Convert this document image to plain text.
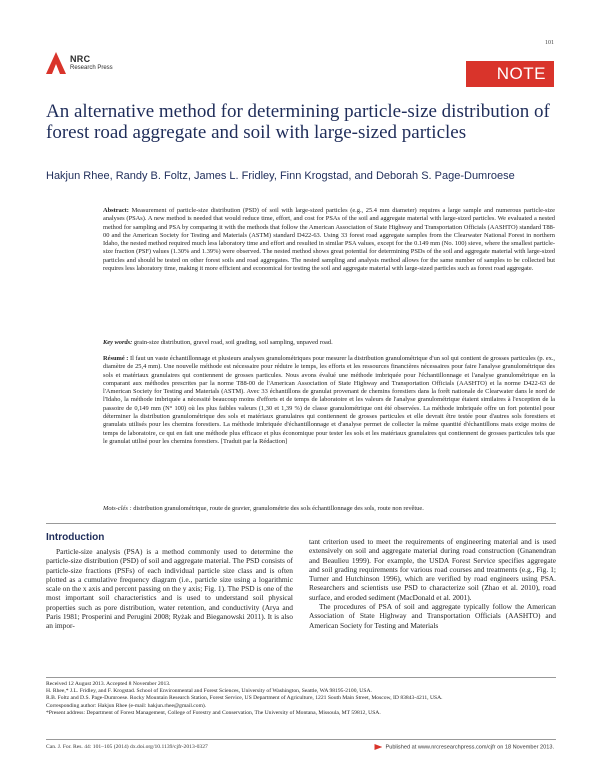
101
NRC
Research Press	NOTE
An alternative method for determining particle-size distribution of forest road aggregate and soil with large-sized particles
Hakjun Rhee, Randy B. Foltz, James L. Fridley, Finn Krogstad, and Deborah S. Page-Dumroese

Abstract: Measurement of particle-size distribution (PSD) of soil with large-sized particles (e.g., 25.4 mm diameter) requires a large sample and numerous particle-size analyses (PSAs). A new method is needed that would reduce time, effort, and cost for PSAs of the soil and aggregate material with large-sized particles. We evaluated a nested method for sampling and PSA by comparing it with the methods that follow the American Association of State Highway and Transportation Officials (AASHTO) standard T88-00 and the American Society for Testing and Materials (ASTM) standard D422-63. Using 33 forest road aggregate samples from the Clearwater National Forest in northern Idaho, the nested method required much less laboratory time and effort and resulted in similar PSA values, except for the 0.149 mm (No. 100) sieve, where the smallest particle-size fraction (PSF) values (1.30% and 1.39%) were observed. The nested method shows great potential for determining PSDs of the soil and aggregate material with large-sized particles and should be tested on other forest soils and road aggregates. The nested sampling and analysis method allows for the same number of samples to be collected but requires less laboratory time, making it more efficient and economical for testing the soil and aggregate material with large-sized particles such as forest road aggregate.

Key words: grain-size distribution, gravel road, soil grading, soil sampling, unpaved road.

Résumé : Il faut un vaste échantillonnage et plusieurs analyses granulométriques pour mesurer la distribution granulométrique d'un sol qui contient de grosses particules (p. ex., diamètre de 25,4 mm). Une nouvelle méthode est nécessaire pour réduire le temps, les efforts et les ressources financières nécessaires pour faire l'analyse granulométrique des sols et matériaux granulaires qui contiennent de grosses particules. Nous avons évalué une méthode imbriquée pour l'échantillonnage et l'analyse granulométrique en la comparant aux méthodes prescrites par la norme T88-00 de l'American Association of State Highway and Transportation Officials (AASHTO) et la norme D422-63 de l'American Society for Testing and Materials (ASTM). Avec 33 échantillons de granulat provenant de chemins forestiers dans la forêt nationale de Clearwater dans le nord de l'Idaho, la méthode imbriquée a nécessité beaucoup moins d'efforts et de temps de laboratoire et les valeurs de l'analyse granulométrique étaient similaires à l'exception de la passoire de 0,149 mm (N° 100) où les plus faibles valeurs (1,30 et 1,39 %) de classe granulométrique ont été observées. La méthode imbriquée offre un fort potentiel pour déterminer la distribution granulométrique des sols et matériaux granulaires qui contiennent de grosses particules et elle devrait être testée pour d'autres sols forestiers et granulats utilisés pour les chemins forestiers. La méthode imbriquée d'échantillonnage et d'analyse permet de collecter la même quantité d'échantillons mais exige moins de temps de laboratoire, ce qui en fait une méthode plus efficace et plus économique pour tester les sols et les matériaux granulaires qui contiennent de grosses particules tels que le granulat utilisé pour les chemins forestiers. [Traduit par la Rédaction]

Mots-clés : distribution granulométrique, route de gravier, granulométrie des sols échantillonnage des sols, route non revêtue.

Introduction

Particle-size analysis (PSA) is a method commonly used to determine the particle-size distribution (PSD) of soil and aggregate material. The PSD consists of particle-size fractions (PSFs) of each individual particle size class and is often plotted as a cumulative frequency diagram (i.e., particle size using a logarithmic scale on the x axis and percent passing on the y axis; Fig. 1). The PSD is one of the most important soil characteristics and is used to understand soil physical properties such as pore distribution, water retention, and conductivity (Arya and Paris 1981; Prosperini and Perugini 2008; Ryżak and Bieganowski 2011). It is also an impor-

tant criterion used to meet the requirements of engineering material and is used extensively on soil and aggregate material during road construction (Gnanendran and Beaulieu 1999). For example, the USDA Forest Service specifies aggregate and soil grading requirements for various road courses and treatments (e.g., Fig. 1; Turner and Hutchinson 1996), which are verified by road engineers using PSA. Researchers and scientists use PSD to characterize soil (Zhao et al. 2010), road surface, and eroded sediment (MacDonald et al. 2001).

The procedures of PSA of soil and aggregate typically follow the American Association of State Highway and Transportation Officials (AASHTO) and American Society for Testing and Materials

Received 12 August 2013. Accepted 8 November 2013.
H. Rhee,* J.L. Fridley, and F. Krogstad. School of Environmental and Forest Sciences, University of Washington, Seattle, WA 98195-2100, USA.
R.B. Foltz and D.S. Page-Dumroese. Rocky Mountain Research Station, Forest Service, US Department of Agriculture, 1221 South Main Street, Moscow, ID 83843-4211, USA.
Corresponding author: Hakjun Rhee (e-mail: hakjun.rhee@gmail.com).
*Present address: Department of Forest Management, College of Forestry and Conservation, The University of Montana, Missoula, MT 59812, USA.
Can. J. For. Res. 44: 101–105 (2014) dx.doi.org/10.1139/cjfr-2013-0327	Published at www.nrcresearchpress.com/cjfr on 18 November 2013.
